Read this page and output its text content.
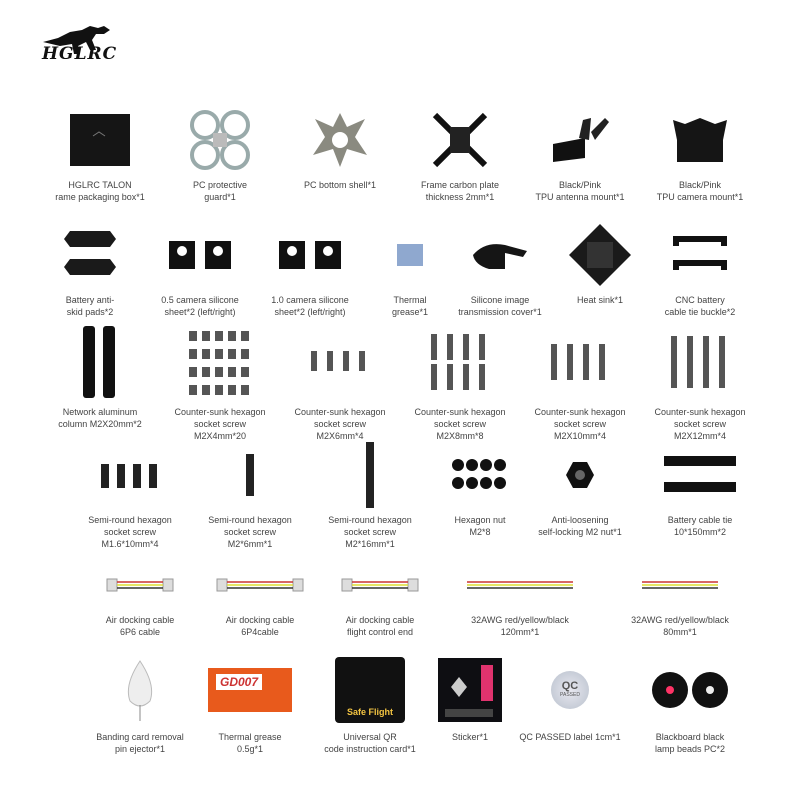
HGLRC
HGLRC TALON
rame packaging box*1
PC protective
guard*1
PC bottom shell*1	Frame carbon plate
thickness 2mm*1
Black/Pink
TPU antenna mount*1
Black/Pink
TPU camera mount*1
Battery anti-
skid pads*2
0.5 camera silicone
sheet*2 (left/right)
1.0 camera silicone
sheet*2 (left/right)
Thermal
grease*1
Silicone image
transmission cover*1
Heat sink*1	CNC battery
cable tie buckle*2
Network aluminum
column M2X20mm*2
Counter-sunk hexagon
socket screw
M2X4mm*20
Counter-sunk hexagon
socket screw
M2X6mm*4
Counter-sunk hexagon
socket screw
M2X8mm*8
Counter-sunk hexagon
socket screw
M2X10mm*4
Counter-sunk hexagon
socket screw
M2X12mm*4
Semi-round hexagon
socket screw
M1.6*10mm*4
Semi-round hexagon
socket screw
M2*6mm*1
Semi-round hexagon
socket screw
M2*16mm*1
Hexagon nut
M2*8
Anti-loosening
self-locking M2 nut*1
Battery cable tie
10*150mm*2
Air docking cable
6P6 cable
Air docking cable
6P4cable
Air docking cable
flight control end
32AWG red/yellow/black
120mm*1
32AWG red/yellow/black
80mm*1
Banding card removal
pin ejector*1
GD007
Thermal grease
0.5g*1
Safe Flight
Universal QR
code instruction card*1
Sticker*1
QC
PASSED
QC PASSED label 1cm*1	Blackboard black
lamp beads PC*2
